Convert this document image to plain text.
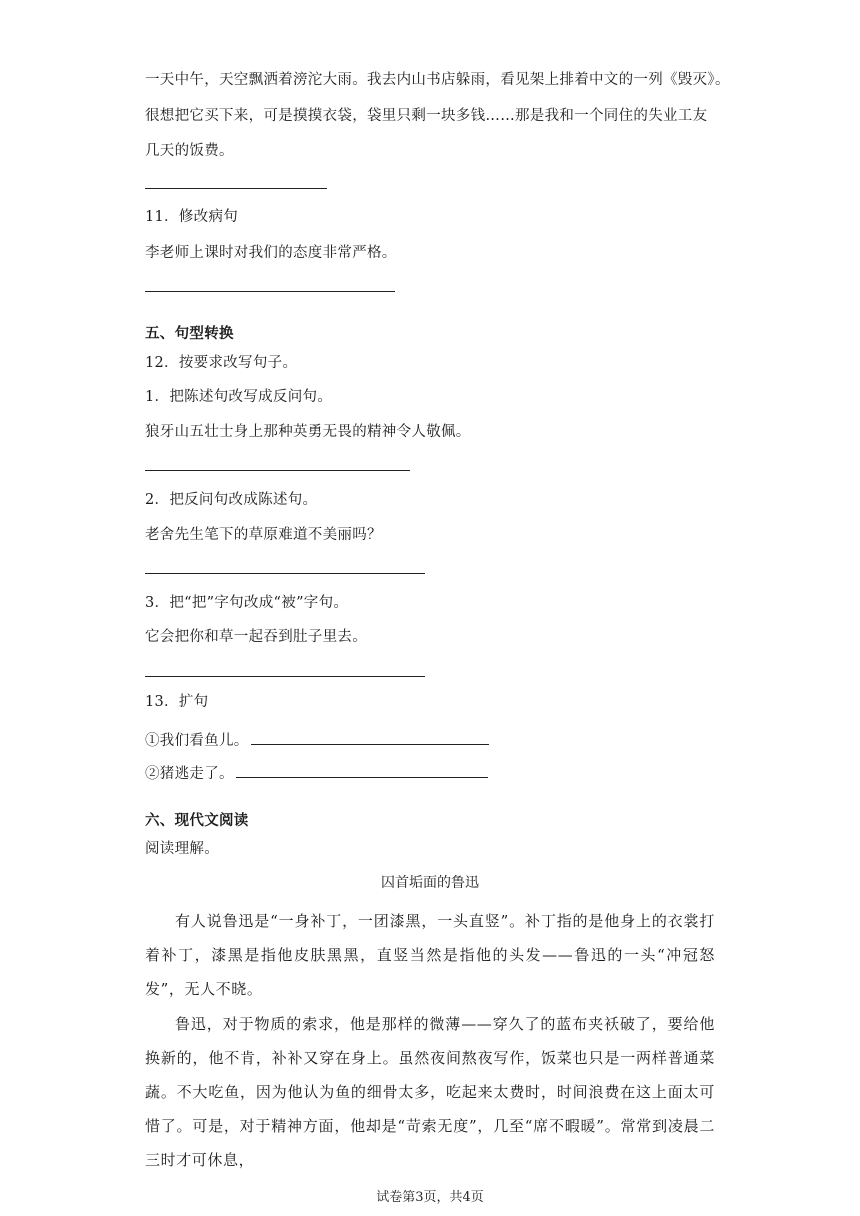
一天中午，天空飘洒着滂沱大雨。我去内山书店躲雨，看见架上排着中文的一列《毁灭》。
很想把它买下来，可是摸摸衣袋，袋里只剩一块多钱……那是我和一个同住的失业工友
几天的饭费。
11．修改病句
李老师上课时对我们的态度非常严格。
五、句型转换
12．按要求改写句子。
1．把陈述句改写成反问句。
狼牙山五壮士身上那种英勇无畏的精神令人敬佩。
2．把反问句改成陈述句。
老舍先生笔下的草原难道不美丽吗？
3．把“把”字句改成“被”字句。
它会把你和草一起吞到肚子里去。
13．扩句
①我们看鱼儿。
②猪逃走了。
六、现代文阅读
阅读理解。
囚首垢面的鲁迅
有人说鲁迅是“一身补丁，一团漆黑，一头直竖”。补丁指的是他身上的衣裳打着补丁，漆黑是指他皮肤黑黑，直竖当然是指他的头发——鲁迅的一头“冲冠怒发”，无人不晓。
鲁迅，对于物质的索求，他是那样的微薄——穿久了的蓝布夹袄破了，要给他换新的，他不肯，补补又穿在身上。虽然夜间熬夜写作，饭菜也只是一两样普通菜蔬。不大吃鱼，因为他认为鱼的细骨太多，吃起来太费时，时间浪费在这上面太可惜了。可是，对于精神方面，他却是“苛索无度”，几至“席不暇暖”。常常到凌晨二三时才可休息，
试卷第3页，共4页
